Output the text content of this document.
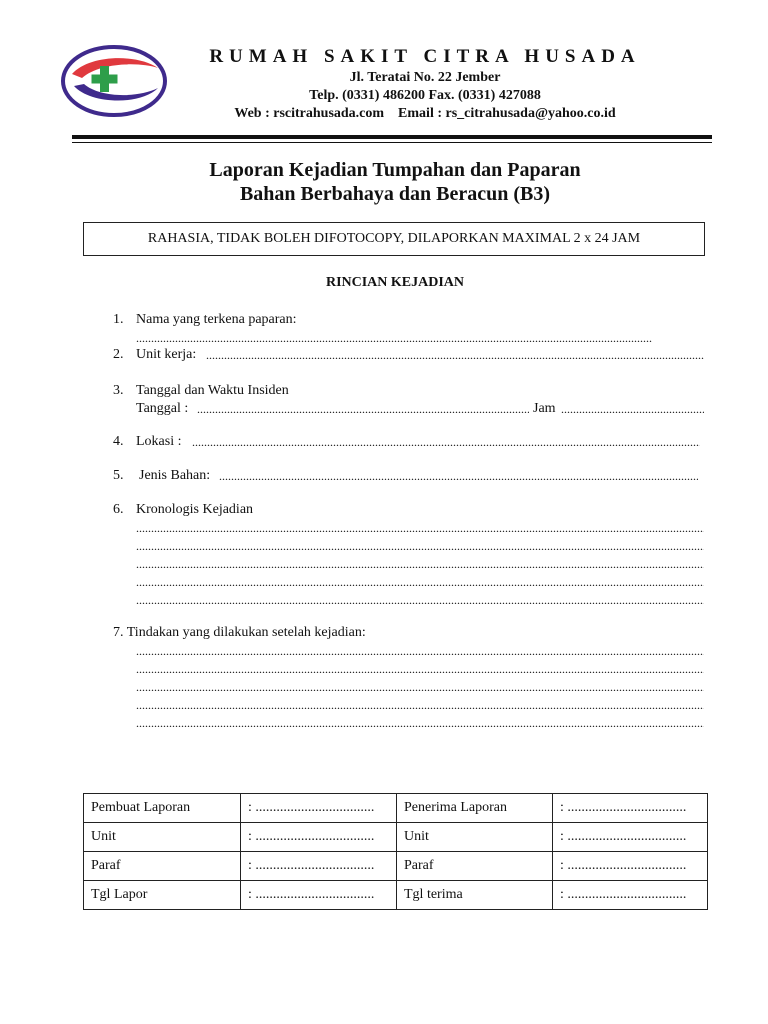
RUMAH SAKIT CITRA HUSADA
Jl. Teratai No. 22 Jember
Telp. (0331) 486200 Fax. (0331) 427088
Web : rscitrahusada.com    Email : rs_citrahusada@yahoo.co.id
Laporan Kejadian Tumpahan dan Paparan
Bahan Berbahaya dan Beracun (B3)
RAHASIA, TIDAK BOLEH DIFOTOCOPY, DILAPORKAN MAXIMAL 2 x 24 JAM
RINCIAN KEJADIAN
1. Nama yang terkena paparan:
.....
2. Unit kerja:
.....
3. Tanggal dan Waktu Insiden
Tanggal : .....	Jam
.....
4. Lokasi :
.....
5. Jenis Bahan:
.....
6. Kronologis Kejadian
.....
.....
.....
.....
.....
7. Tindakan yang dilakukan setelah kejadian:
.....
.....
.....
.....
.....
Pembuat Laporan	: ..................................	Penerima Laporan	: ..................................
Unit	: ..................................	Unit	: ..................................
Paraf	: ..................................	Paraf	: ..................................
Tgl Lapor	: ..................................	Tgl terima	: ..................................
